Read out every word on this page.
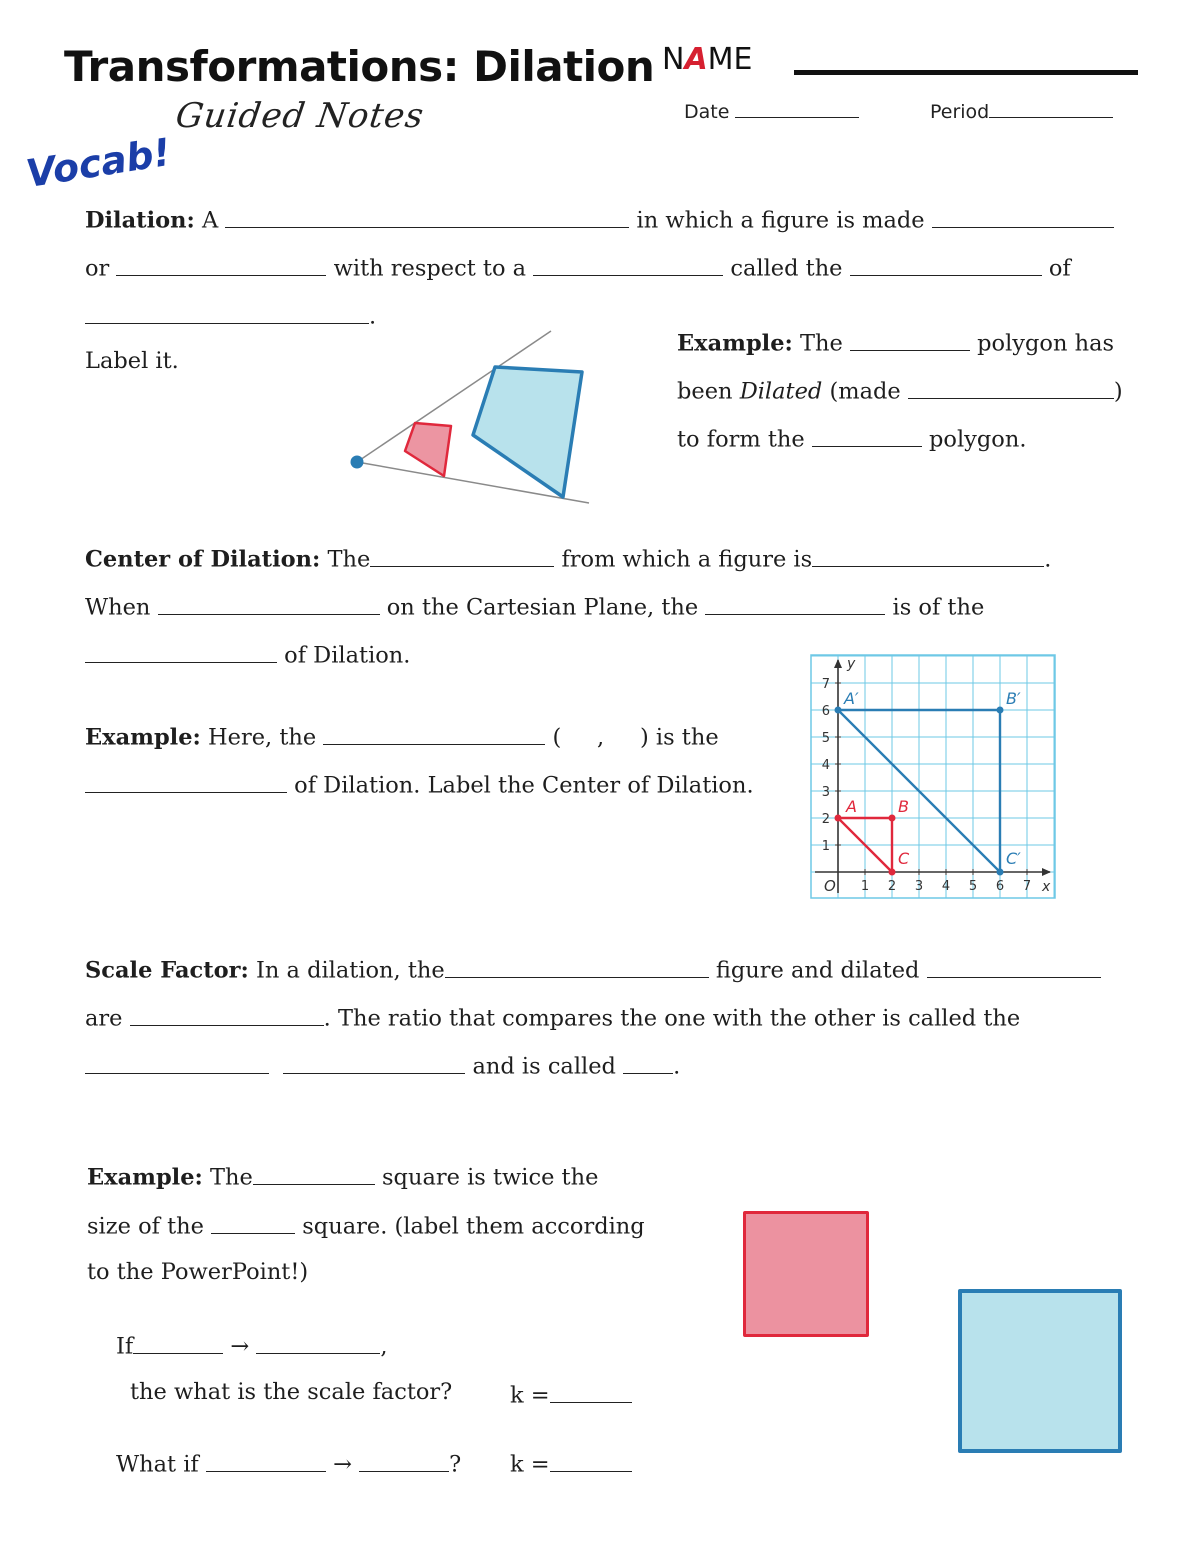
Transformations: Dilation
Guided Notes
NAME
Date	Period
Vocab!
Dilation: A	in which a figure is made
or	with respect to a	called the	of
.
Label it.
Example: The	polygon has
been Dilated (made	)
to form the	polygon.
Center of Dilation: The	from which a figure is	.
When	on the Cartesian Plane, the	is of the
of Dilation.
Example: Here, the	( , ) is the
of Dilation. Label the Center of Dilation.
1 2 3 4 5 6 7
1
2
3
4
5
6
7
O
y
x
A′	B′
C′
A	B
C
Scale Factor: In a dilation, the	figure and dilated
are	. The ratio that compares the one with the other is called the
and is called	.
Example: The	square is twice the
size of the	square. (label them according
to the PowerPoint!)
If	→	,
the what is the scale factor?	k =
What if	→	? k =
